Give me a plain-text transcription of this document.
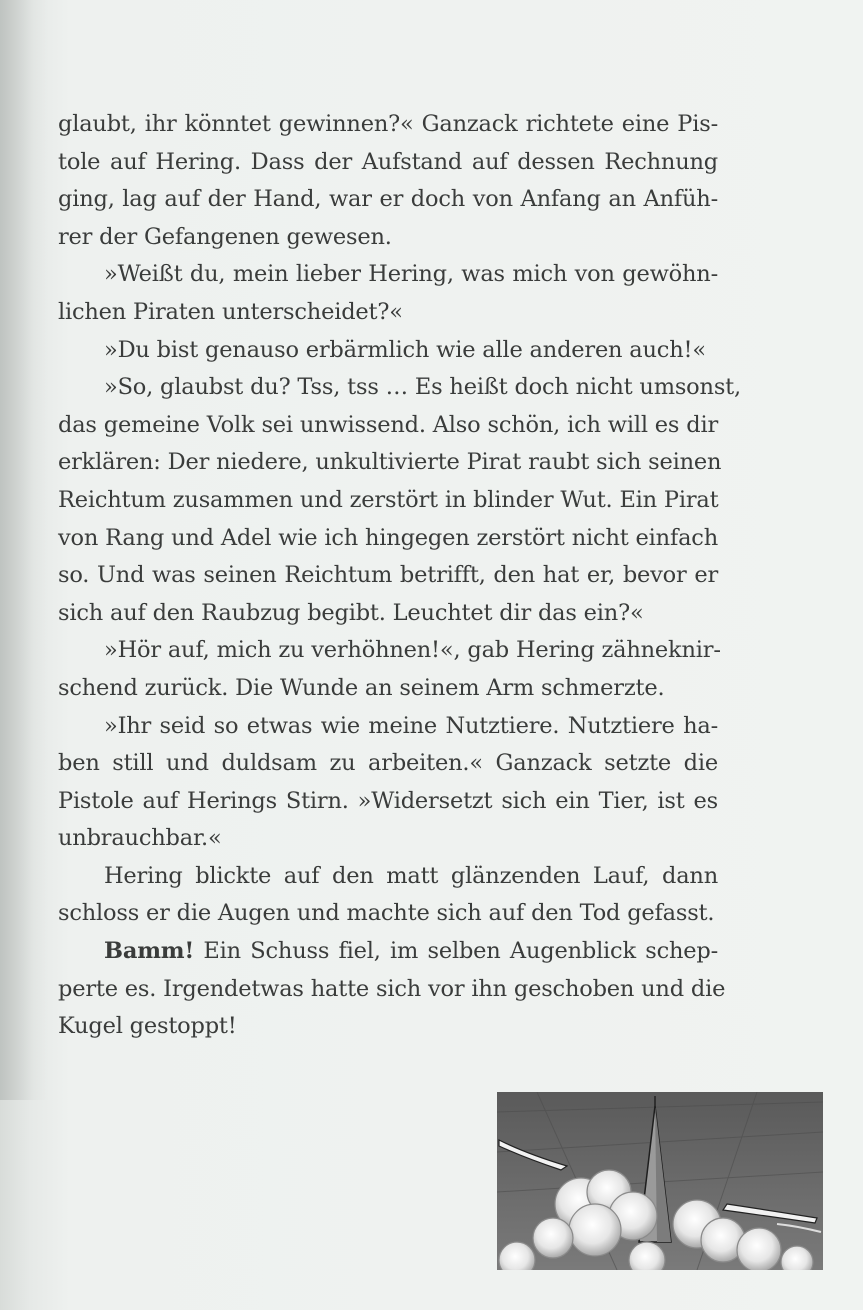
glaubt, ihr könntet gewinnen?« Ganzack richtete eine Pis-

tole auf Hering. Dass der Aufstand auf dessen Rechnung

ging, lag auf der Hand, war er doch von Anfang an Anfüh-

rer der Gefangenen gewesen.

»Weißt du, mein lieber Hering, was mich von gewöhn-

lichen Piraten unterscheidet?«

»Du bist genauso erbärmlich wie alle anderen auch!«

»So, glaubst du? Tss, tss … Es heißt doch nicht umsonst,

das gemeine Volk sei unwissend. Also schön, ich will es dir

erklären: Der niedere, unkultivierte Pirat raubt sich seinen

Reichtum zusammen und zerstört in blinder Wut. Ein Pirat

von Rang und Adel wie ich hingegen zerstört nicht einfach

so. Und was seinen Reichtum betrifft, den hat er, bevor er

sich auf den Raubzug begibt. Leuchtet dir das ein?«

»Hör auf, mich zu verhöhnen!«, gab Hering zähneknir-

schend zurück. Die Wunde an seinem Arm schmerzte.

»Ihr seid so etwas wie meine Nutztiere. Nutztiere ha-

ben still und duldsam zu arbeiten.« Ganzack setzte die

Pistole auf Herings Stirn. »Widersetzt sich ein Tier, ist es

unbrauchbar.«

Hering blickte auf den matt glänzenden Lauf, dann

schloss er die Augen und machte sich auf den Tod gefasst.

Bamm! Ein Schuss fiel, im selben Augenblick schep-

perte es. Irgendetwas hatte sich vor ihn geschoben und die

Kugel gestoppt!
